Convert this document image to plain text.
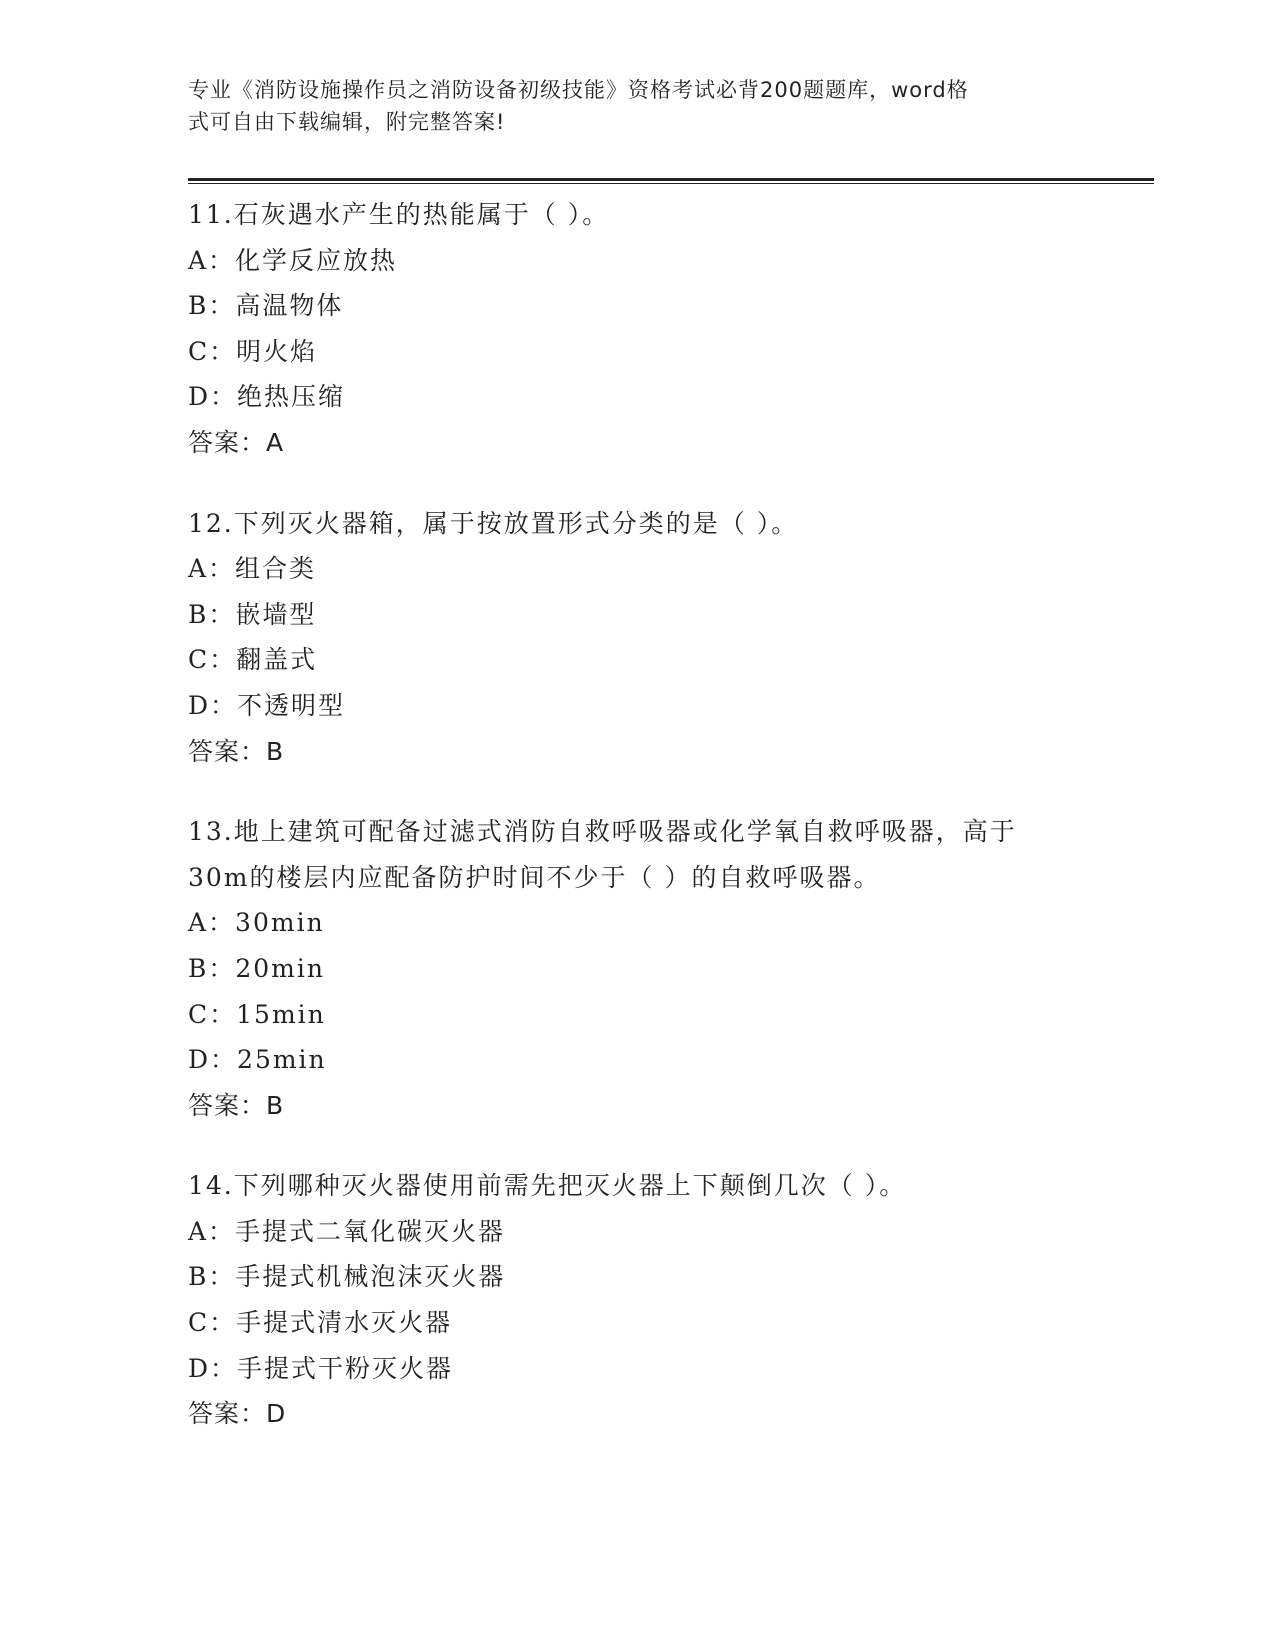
专业《消防设施操作员之消防设备初级技能》资格考试必背200题题库，word格
式可自由下载编辑，附完整答案!
11.石灰遇水产生的热能属于（ ）。
A：化学反应放热
B：高温物体
C：明火焰
D：绝热压缩
答案：A
12.下列灭火器箱，属于按放置形式分类的是（ ）。
A：组合类
B：嵌墙型
C：翻盖式
D：不透明型
答案：B
13.地上建筑可配备过滤式消防自救呼吸器或化学氧自救呼吸器，高于
30m的楼层内应配备防护时间不少于（ ）的自救呼吸器。
A：30min
B：20min
C：15min
D：25min
答案：B
14.下列哪种灭火器使用前需先把灭火器上下颠倒几次（ ）。
A：手提式二氧化碳灭火器
B：手提式机械泡沫灭火器
C：手提式清水灭火器
D：手提式干粉灭火器
答案：D
